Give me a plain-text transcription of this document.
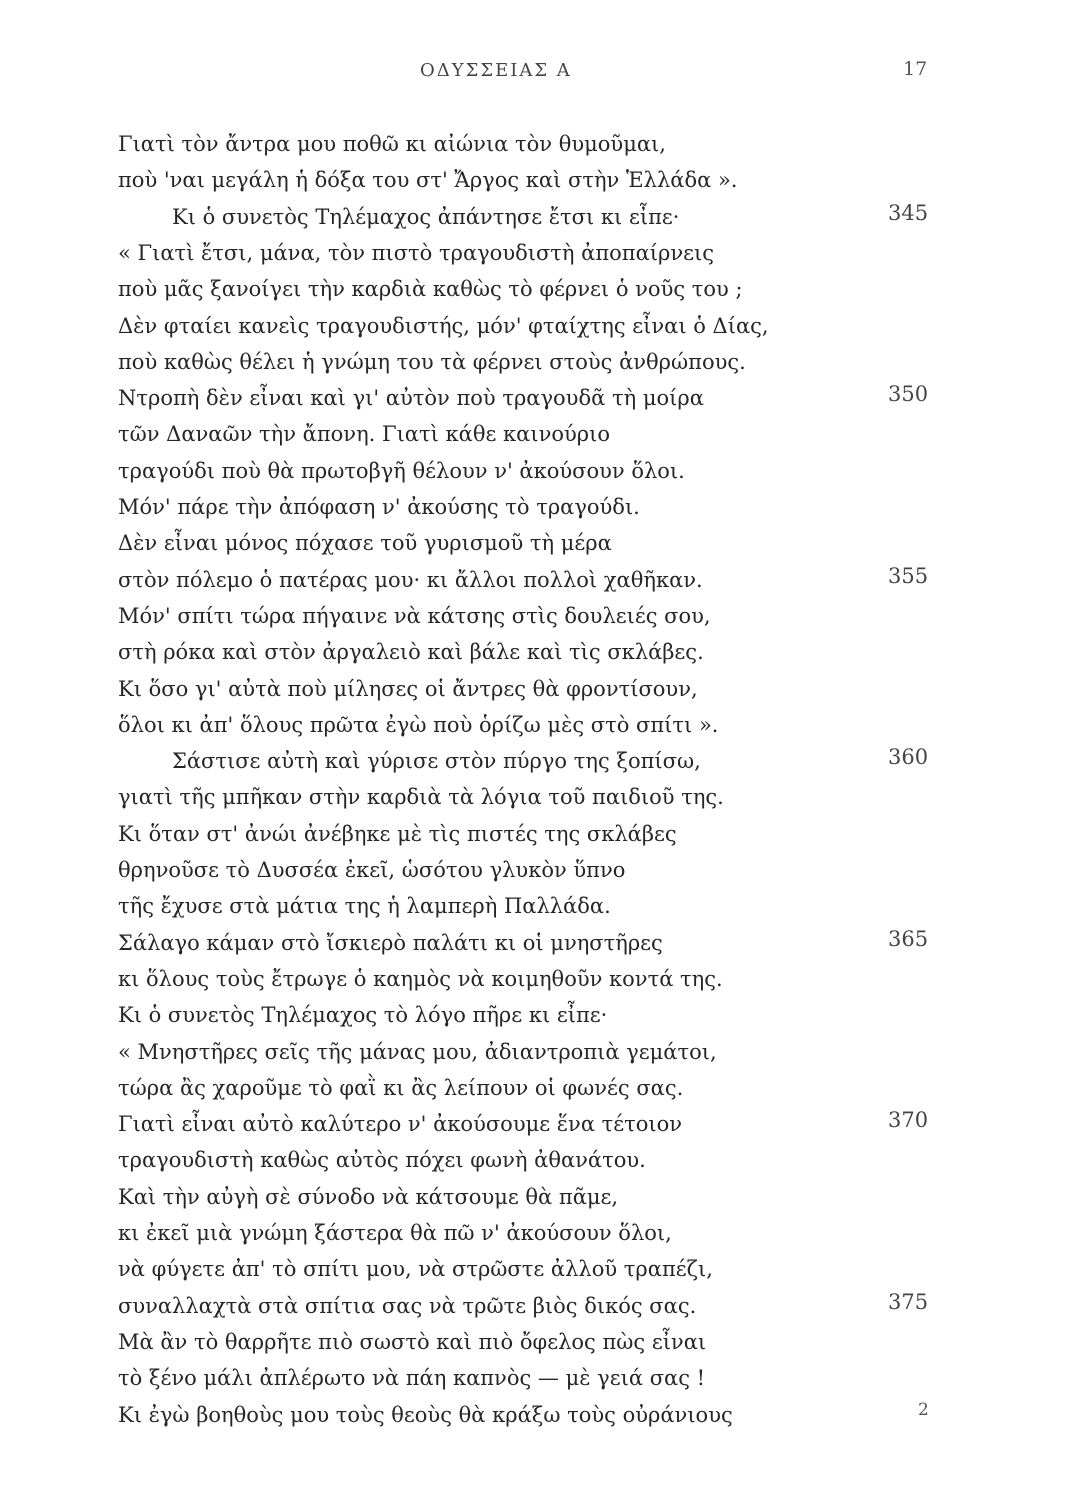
ΟΔΥΣΣΕΙΑΣ Α	17
Γιατὶ τὸν ἄντρα μου ποθῶ κι αἰώνια τὸν θυμοῦμαι,
ποὺ 'ναι μεγάλη ἡ δόξα του στ' Ἄργος καὶ στὴν Ἑλλάδα ».
Κι ὁ συνετὸς Τηλέμαχος ἀπάντησε ἔτσι κι εἶπε·
« Γιατὶ ἔτσι, μάνα, τὸν πιστὸ τραγουδιστὴ ἀποπαίρνεις
ποὺ μᾶς ξανοίγει τὴν καρδιὰ καθὼς τὸ φέρνει ὁ νοῦς του ;
Δὲν φταίει κανεὶς τραγουδιστής, μόν' φταίχτης εἶναι ὁ Δίας,
ποὺ καθὼς θέλει ἡ γνώμη του τὰ φέρνει στοὺς ἀνθρώπους.
Ντροπὴ δὲν εἶναι καὶ γι' αὐτὸν ποὺ τραγουδᾶ τὴ μοίρα
τῶν Δαναῶν τὴν ἄπονη. Γιατὶ κάθε καινούριο
τραγούδι ποὺ θὰ πρωτοβγῆ θέλουν ν' ἀκούσουν ὅλοι.
Μόν' πάρε τὴν ἀπόφαση ν' ἀκούσης τὸ τραγούδι.
Δὲν εἶναι μόνος πόχασε τοῦ γυρισμοῦ τὴ μέρα
στὸν πόλεμο ὁ πατέρας μου· κι ἄλλοι πολλοὶ χαθῆκαν.
Μόν' σπίτι τώρα πήγαινε νὰ κάτσης στὶς δουλειές σου,
στὴ ρόκα καὶ στὸν ἀργαλειὸ καὶ βάλε καὶ τὶς σκλάβες.
Κι ὅσο γι' αὐτὰ ποὺ μίλησες οἱ ἄντρες θὰ φροντίσουν,
ὅλοι κι ἀπ' ὅλους πρῶτα ἐγὼ ποὺ ὁρίζω μὲς στὸ σπίτι ».
Σάστισε αὐτὴ καὶ γύρισε στὸν πύργο της ξοπίσω,
γιατὶ τῆς μπῆκαν στὴν καρδιὰ τὰ λόγια τοῦ παιδιοῦ της.
Κι ὅταν στ' ἀνώι ἀνέβηκε μὲ τὶς πιστές της σκλάβες
θρηνοῦσε τὸ Δυσσέα ἐκεῖ, ὡσότου γλυκὸν ὕπνο
τῆς ἔχυσε στὰ μάτια της ἡ λαμπερὴ Παλλάδα.
Σάλαγο κάμαν στὸ ἴσκιερὸ παλάτι κι οἱ μνηστῆρες
κι ὅλους τοὺς ἔτρωγε ὁ καημὸς νὰ κοιμηθοῦν κοντά της.
Κι ὁ συνετὸς Τηλέμαχος τὸ λόγο πῆρε κι εἶπε·
« Μνηστῆρες σεῖς τῆς μάνας μου, ἀδιαντροπιὰ γεμάτοι,
τώρα ἂς χαροῦμε τὸ φαῒ κι ἂς λείπουν οἱ φωνές σας.
Γιατὶ εἶναι αὐτὸ καλύτερο ν' ἀκούσουμε ἕνα τέτοιον
τραγουδιστὴ καθὼς αὐτὸς πόχει φωνὴ ἀθανάτου.
Καὶ τὴν αὐγὴ σὲ σύνοδο νὰ κάτσουμε θὰ πᾶμε,
κι ἐκεῖ μιὰ γνώμη ξάστερα θὰ πῶ ν' ἀκούσουν ὅλοι,
νὰ φύγετε ἀπ' τὸ σπίτι μου, νὰ στρῶστε ἀλλοῦ τραπέζι,
συναλλαχτὰ στὰ σπίτια σας νὰ τρῶτε βιὸς δικός σας.
Μὰ ἂν τὸ θαρρῆτε πιὸ σωστὸ καὶ πιὸ ὄφελος πὼς εἶναι
τὸ ξένο μάλι ἀπλέρωτο νὰ πάη καπνὸς — μὲ γειά σας !
Κι ἐγὼ βοηθοὺς μου τοὺς θεοὺς θὰ κράξω τοὺς οὐράνιους
345
350
355
360
365
370
375
2
